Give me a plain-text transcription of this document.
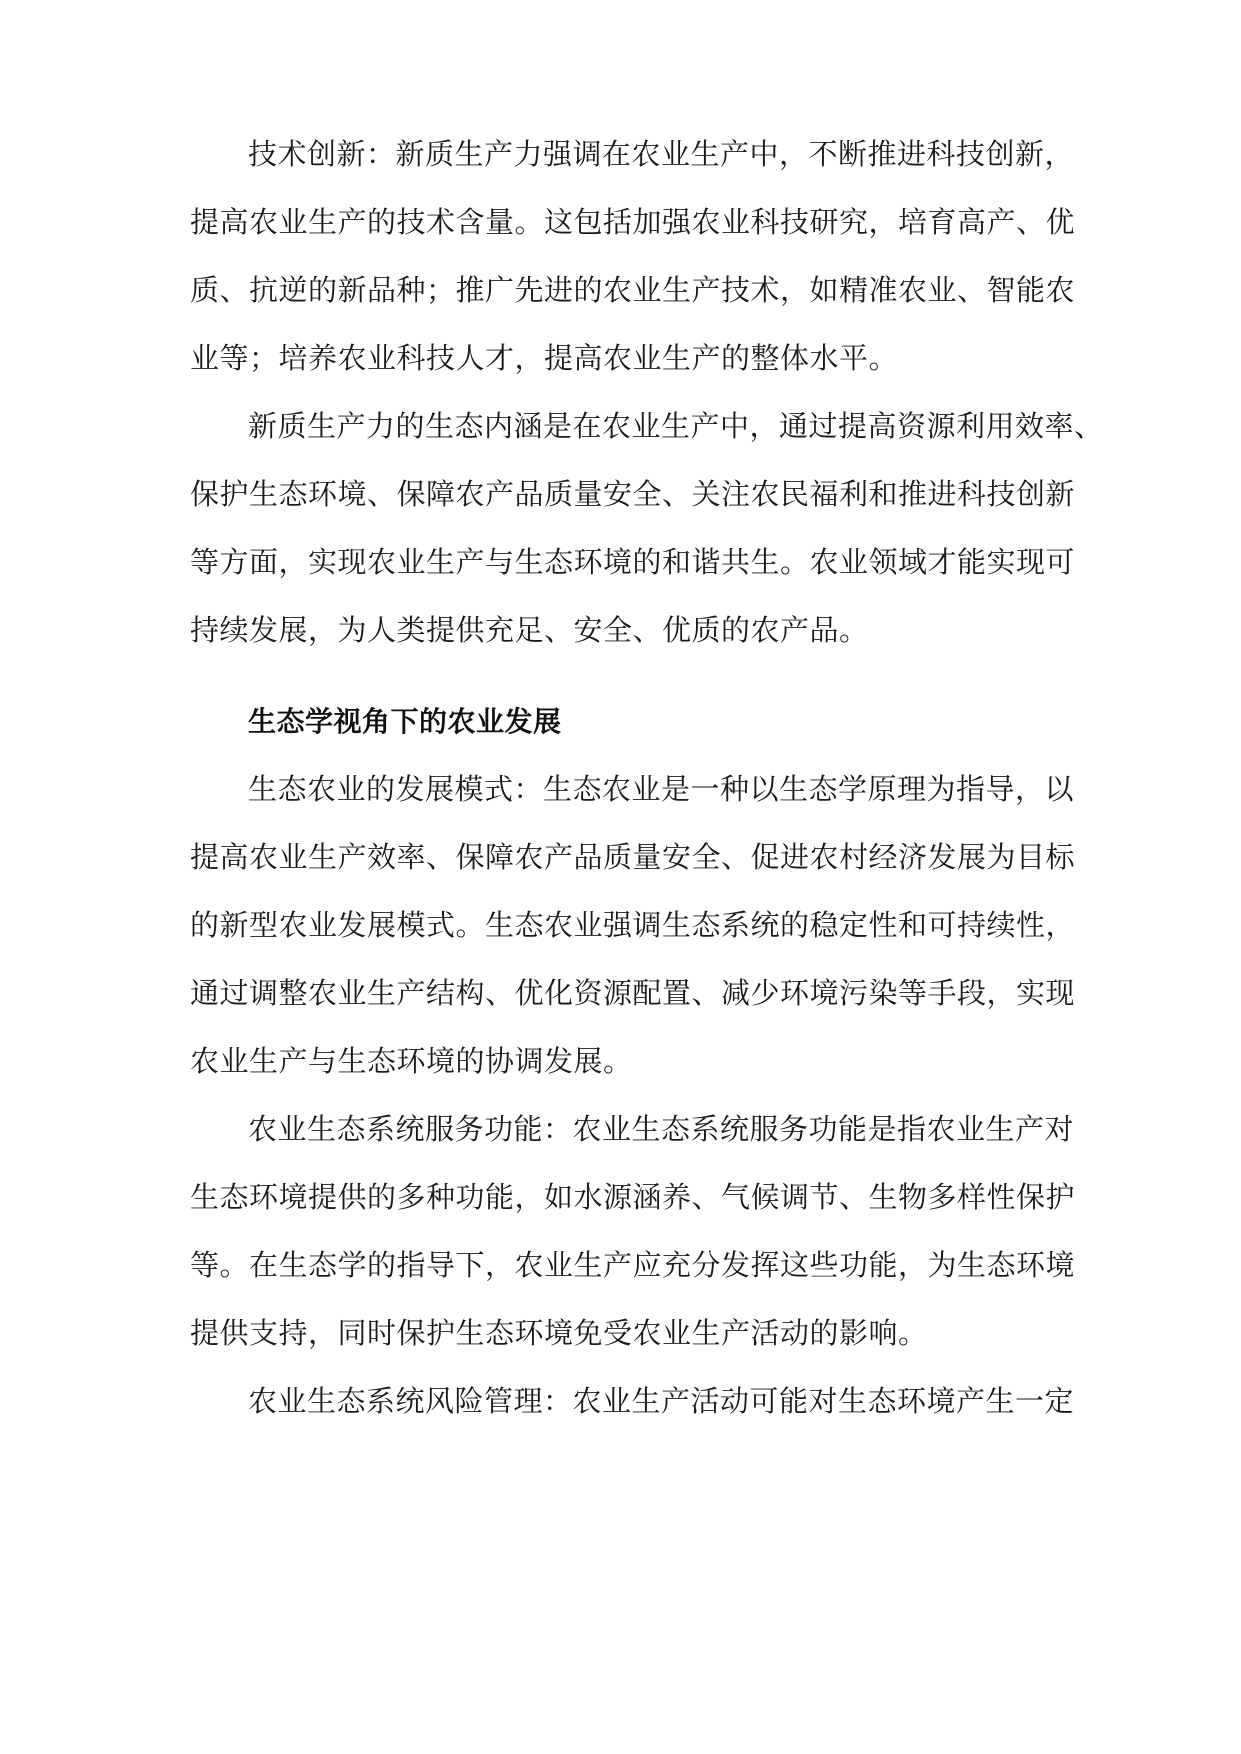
技术创新：新质生产力强调在农业生产中，不断推进科技创新，

提高农业生产的技术含量。这包括加强农业科技研究，培育高产、优

质、抗逆的新品种；推广先进的农业生产技术，如精准农业、智能农

业等；培养农业科技人才，提高农业生产的整体水平。

新质生产力的生态内涵是在农业生产中，通过提高资源利用效率、

保护生态环境、保障农产品质量安全、关注农民福利和推进科技创新

等方面，实现农业生产与生态环境的和谐共生。农业领域才能实现可

持续发展，为人类提供充足、安全、优质的农产品。

生态学视角下的农业发展

生态农业的发展模式：生态农业是一种以生态学原理为指导，以

提高农业生产效率、保障农产品质量安全、促进农村经济发展为目标

的新型农业发展模式。生态农业强调生态系统的稳定性和可持续性，

通过调整农业生产结构、优化资源配置、减少环境污染等手段，实现

农业生产与生态环境的协调发展。

农业生态系统服务功能：农业生态系统服务功能是指农业生产对

生态环境提供的多种功能，如水源涵养、气候调节、生物多样性保护

等。在生态学的指导下，农业生产应充分发挥这些功能，为生态环境

提供支持，同时保护生态环境免受农业生产活动的影响。

农业生态系统风险管理：农业生产活动可能对生态环境产生一定
